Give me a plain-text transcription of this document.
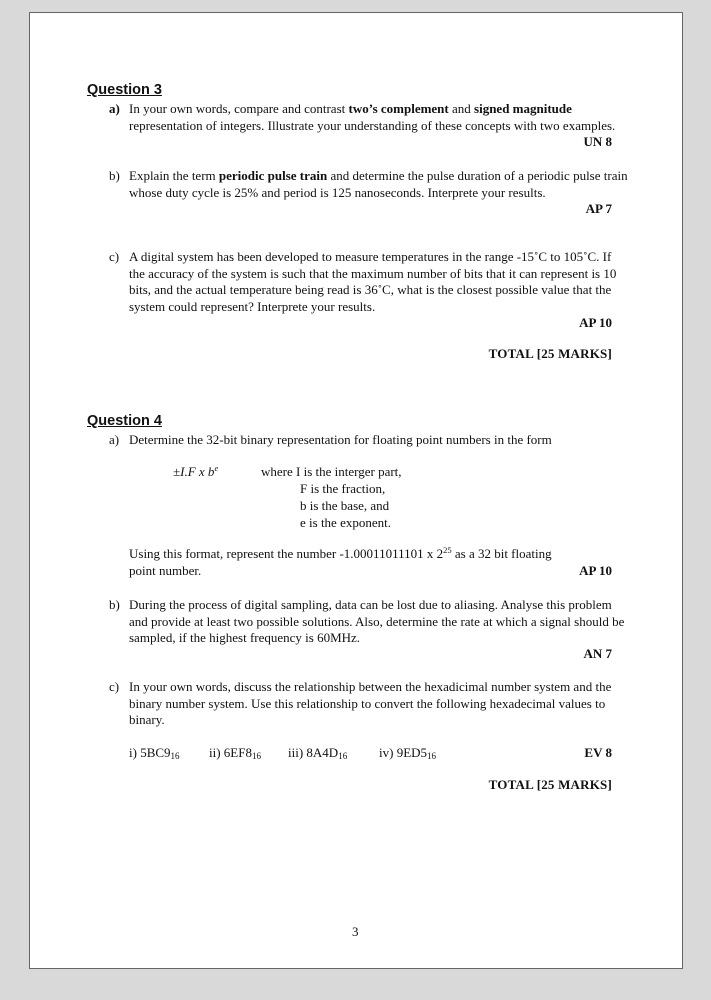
Question 3
a) In your own words, compare and contrast two’s complement and signed magnitude representation of integers. Illustrate your understanding of these concepts with two examples.
UN 8
b) Explain the term periodic pulse train and determine the pulse duration of a periodic pulse train whose duty cycle is 25% and period is 125 nanoseconds. Interprete your results.
AP 7
c) A digital system has been developed to measure temperatures in the range -15˚C to 105˚C. If the accuracy of the system is such that the maximum number of bits that it can represent is 10 bits, and the actual temperature being read is 36˚C, what is the closest possible value that the system could represent? Interprete your results.
AP 10
TOTAL [25 MARKS]
Question 4
a) Determine the 32-bit binary representation for floating point numbers in the form
±I.F x $b^e$	where I is the interger part,
F is the fraction,
b is the base, and
e is the exponent.
Using this format, represent the number -1.00011011101 x $2^{25}$ as a 32 bit floating
point number.	AP 10
b) During the process of digital sampling, data can be lost due to aliasing. Analyse this problem and provide at least two possible solutions. Also, determine the rate at which a signal should be sampled, if the highest frequency is 60MHz.
AN 7
c) In your own words, discuss the relationship between the hexadicimal number system and the binary number system. Use this relationship to convert the following hexadecimal values to binary.
i) $5BC9_{16}$ ii) $6EF8_{16}$ iii) $8A4D_{16}$ iv) $9ED5_{16}$	EV 8
TOTAL [25 MARKS]
3
